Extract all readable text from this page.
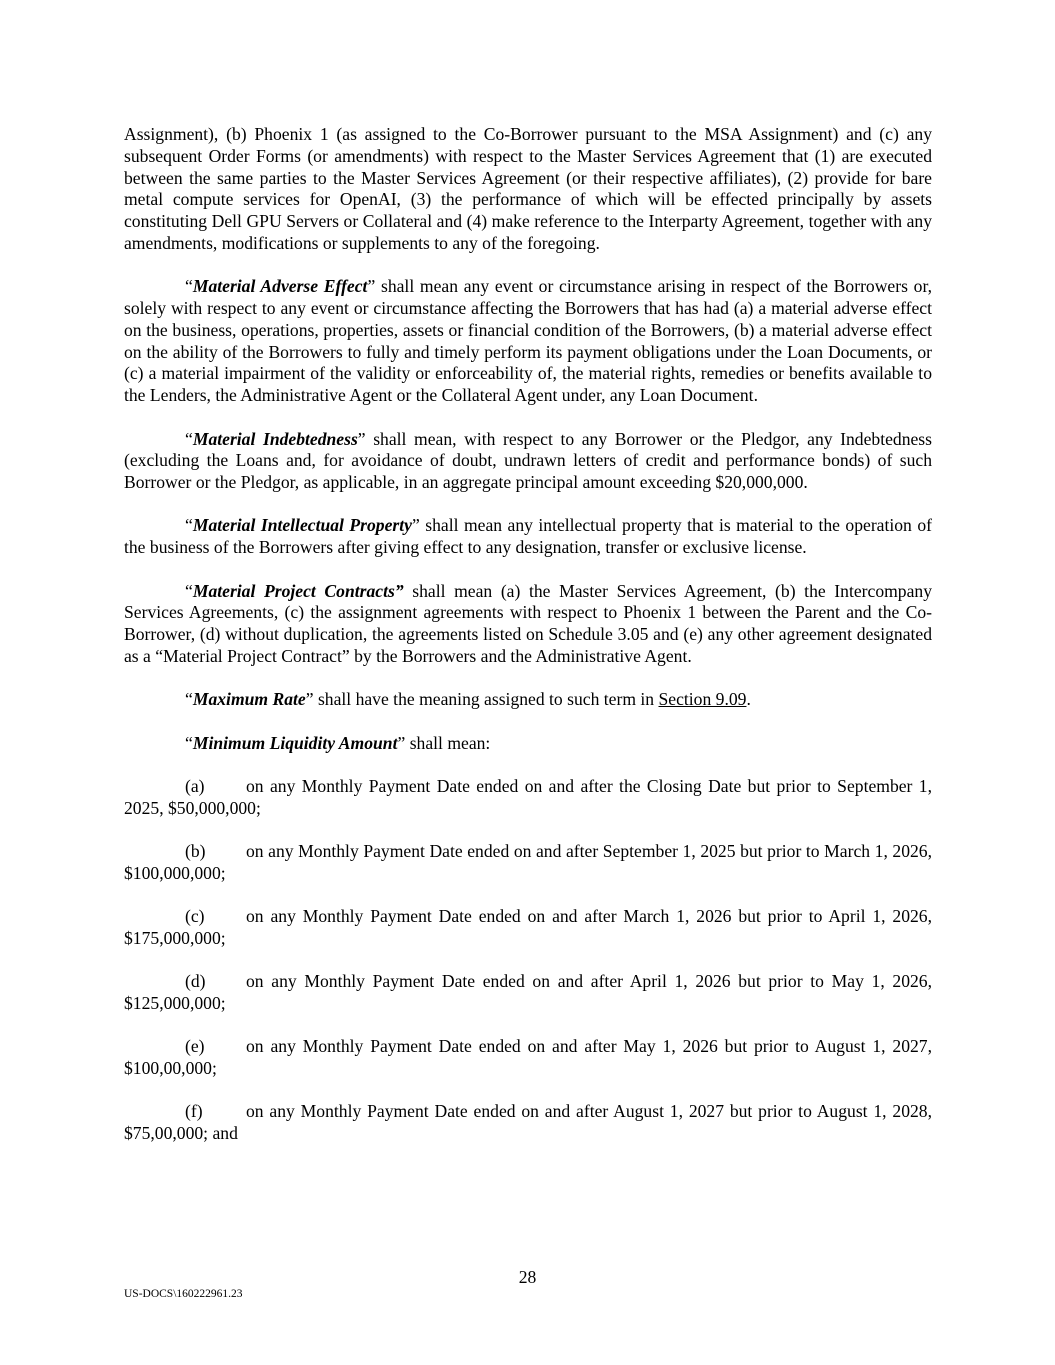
Assignment), (b) Phoenix 1 (as assigned to the Co-Borrower pursuant to the MSA Assignment) and (c) any subsequent Order Forms (or amendments) with respect to the Master Services Agreement that (1) are executed between the same parties to the Master Services Agreement (or their respective affiliates), (2) provide for bare metal compute services for OpenAI, (3) the performance of which will be effected principally by assets constituting Dell GPU Servers or Collateral and (4) make reference to the Interparty Agreement, together with any amendments, modifications or supplements to any of the foregoing.

“Material Adverse Effect” shall mean any event or circumstance arising in respect of the Borrowers or, solely with respect to any event or circumstance affecting the Borrowers that has had (a) a material adverse effect on the business, operations, properties, assets or financial condition of the Borrowers, (b) a material adverse effect on the ability of the Borrowers to fully and timely perform its payment obligations under the Loan Documents, or (c) a material impairment of the validity or enforceability of, the material rights, remedies or benefits available to the Lenders, the Administrative Agent or the Collateral Agent under, any Loan Document.

“Material Indebtedness” shall mean, with respect to any Borrower or the Pledgor, any Indebtedness (excluding the Loans and, for avoidance of doubt, undrawn letters of credit and performance bonds) of such Borrower or the Pledgor, as applicable, in an aggregate principal amount exceeding $20,000,000.

“Material Intellectual Property” shall mean any intellectual property that is material to the operation of the business of the Borrowers after giving effect to any designation, transfer or exclusive license.

“Material Project Contracts” shall mean (a) the Master Services Agreement, (b) the Intercompany Services Agreements, (c) the assignment agreements with respect to Phoenix 1 between the Parent and the Co-Borrower, (d) without duplication, the agreements listed on Schedule 3.05 and (e) any other agreement designated as a “Material Project Contract” by the Borrowers and the Administrative Agent.

“Maximum Rate” shall have the meaning assigned to such term in Section 9.09.

“Minimum Liquidity Amount” shall mean:

(a) on any Monthly Payment Date ended on and after the Closing Date but prior to September 1, 2025, $50,000,000;

(b) on any Monthly Payment Date ended on and after September 1, 2025 but prior to March 1, 2026, $100,000,000;

(c) on any Monthly Payment Date ended on and after March 1, 2026 but prior to April 1, 2026, $175,000,000;

(d) on any Monthly Payment Date ended on and after April 1, 2026 but prior to May 1, 2026, $125,000,000;

(e) on any Monthly Payment Date ended on and after May 1, 2026 but prior to August 1, 2027, $100,00,000;

(f) on any Monthly Payment Date ended on and after August 1, 2027 but prior to August 1, 2028, $75,00,000; and

28
US-DOCS\160222961.23
